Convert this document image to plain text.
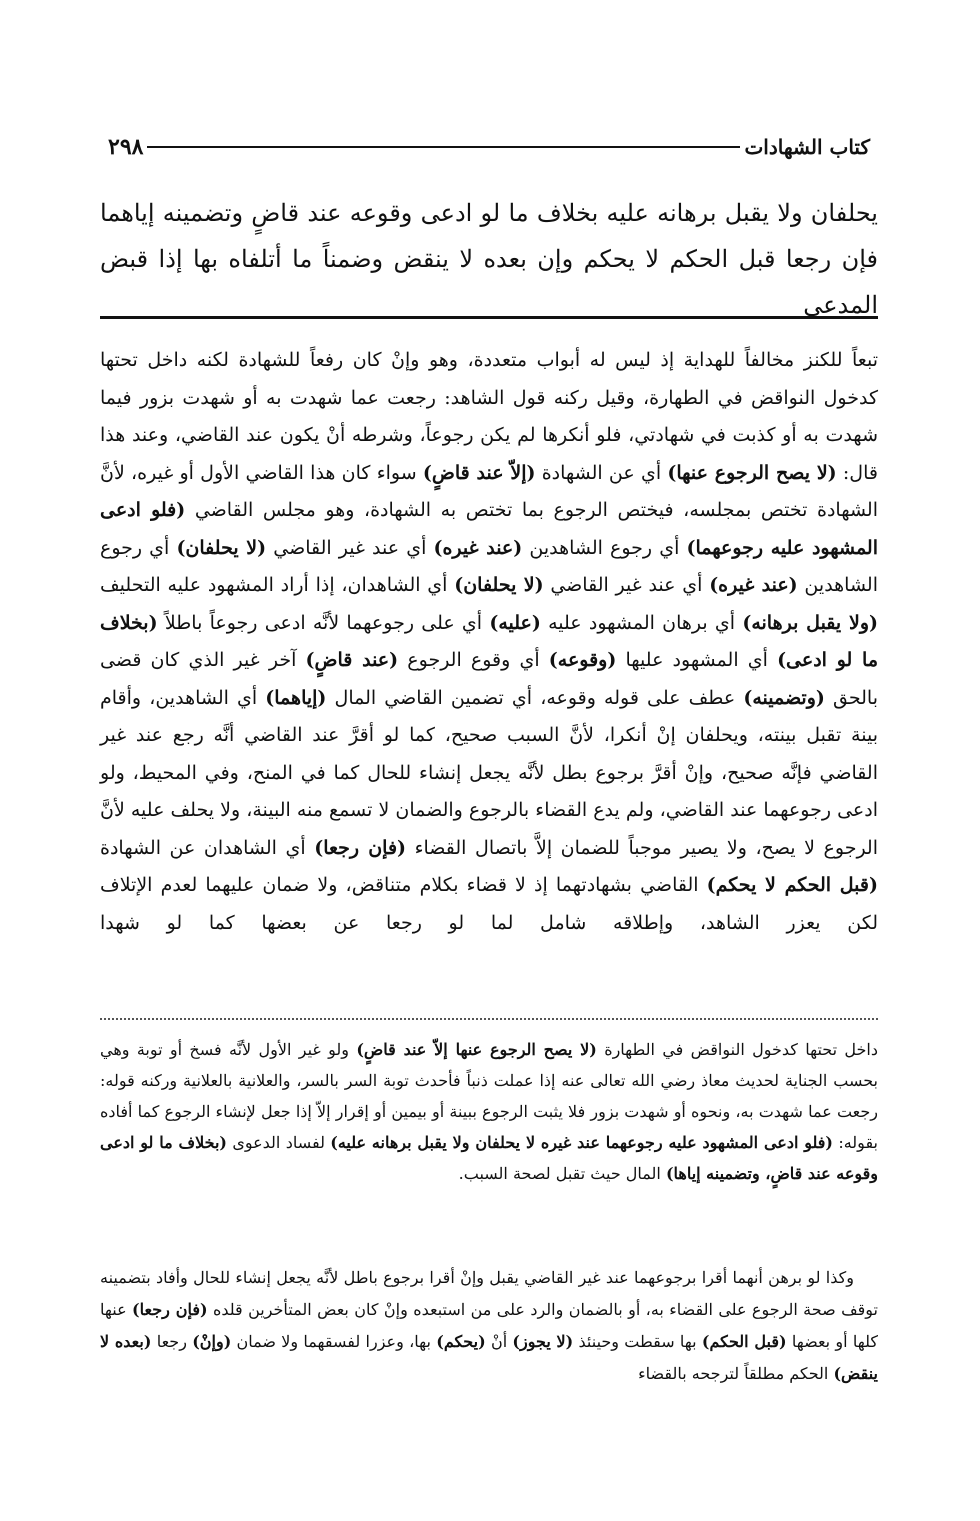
كتاب الشهادات
٢٩٨

يحلفان ولا يقبل برهانه عليه بخلاف ما لو ادعى وقوعه عند قاضٍ وتضمينه إياهما فإن رجعا قبل الحكم لا يحكم وإن بعده لا ينقض وضمناً ما أتلفاه بها إذا قبض المدعي

تبعاً للكنز مخالفاً للهداية إذ ليس له أبواب متعددة، وهو وإنْ كان رفعاً للشهادة لكنه داخل تحتها كدخول النواقض في الطهارة، وقيل ركنه قول الشاهد: رجعت عما شهدت به أو شهدت بزور فيما شهدت به أو كذبت في شهادتي، فلو أنكرها لم يكن رجوعاً، وشرطه أنْ يكون عند القاضي، وعند هذا قال: (لا يصح الرجوع عنها) أي عن الشهادة (إلاّ عند قاضٍ) سواء كان هذا القاضي الأول أو غيره، لأنَّ الشهادة تختص بمجلسه، فيختص الرجوع بما تختص به الشهادة، وهو مجلس القاضي (فلو ادعى المشهود عليه رجوعهما) أي رجوع الشاهدين (عند غيره) أي عند غير القاضي (لا يحلفان) أي رجوع الشاهدين (عند غيره) أي عند غير القاضي (لا يحلفان) أي الشاهدان، إذا أراد المشهود عليه التحليف (ولا يقبل برهانه) أي برهان المشهود عليه (عليه) أي على رجوعهما لأنَّه ادعى رجوعاً باطلاً (بخلاف ما لو ادعى) أي المشهود عليها (وقوعه) أي وقوع الرجوع (عند قاضٍ) آخر غير الذي كان قضى بالحق (وتضمينه) عطف على قوله وقوعه، أي تضمين القاضي المال (إياهما) أي الشاهدين، وأقام بينة تقبل بينته، ويحلفان إنْ أنكرا، لأنَّ السبب صحيح، كما لو أقرَّ عند القاضي أنَّه رجع عند غير القاضي فإنَّه صحيح، وإنْ أقرَّ برجوع بطل لأنَّه يجعل إنشاء للحال كما في المنح، وفي المحيط، ولو ادعى رجوعهما عند القاضي، ولم يدع القضاء بالرجوع والضمان لا تسمع منه البينة، ولا يحلف عليه لأنَّ الرجوع لا يصح، ولا يصير موجباً للضمان إلاَّ باتصال القضاء (فإن رجعا) أي الشاهدان عن الشهادة (قبل الحكم لا يحكم) القاضي بشهادتهما إذ لا قضاء بكلام متناقض، ولا ضمان عليهما لعدم الإتلاف لكن يعزر الشاهد، وإطلاقه شامل لما لو رجعا عن بعضها كما لو شهدا

داخل تحتها كدخول النواقض في الطهارة (لا يصح الرجوع عنها إلاّ عند قاضٍ) ولو غير الأول لأنَّه فسخ أو توبة وهي بحسب الجناية لحديث معاذ رضي الله تعالى عنه إذا عملت ذنباً فأحدث توبة السر بالسر، والعلانية بالعلانية وركنه قوله: رجعت عما شهدت به، ونحوه أو شهدت بزور فلا يثبت الرجوع ببينة أو بيمين أو إقرار إلاّ إذا جعل لإنشاء الرجوع كما أفاده بقوله: (فلو ادعى المشهود عليه رجوعهما عند غيره لا يحلفان ولا يقبل برهانه عليه) لفساد الدعوى (بخلاف ما لو ادعى وقوعه عند قاضٍ، وتضمينه إياها) المال حيث تقبل لصحة السبب.

وكذا لو برهن أنهما أقرا برجوعهما عند غير القاضي يقبل وإنْ أقرا برجوع باطل لأنَّه يجعل إنشاء للحال وأفاد بتضمينه توقف صحة الرجوع على القضاء به، أو بالضمان والرد على من استبعده وإنْ كان بعض المتأخرين قلده (فإن رجعا) عنها كلها أو بعضها (قبل الحكم) بها سقطت وحينئذ (لا يجوز) أنْ (يحكم) بها، وعزرا لفسقهما ولا ضمان (وإنْ) رجعا (بعده لا ينقض) الحكم مطلقاً لترجحه بالقضاء
